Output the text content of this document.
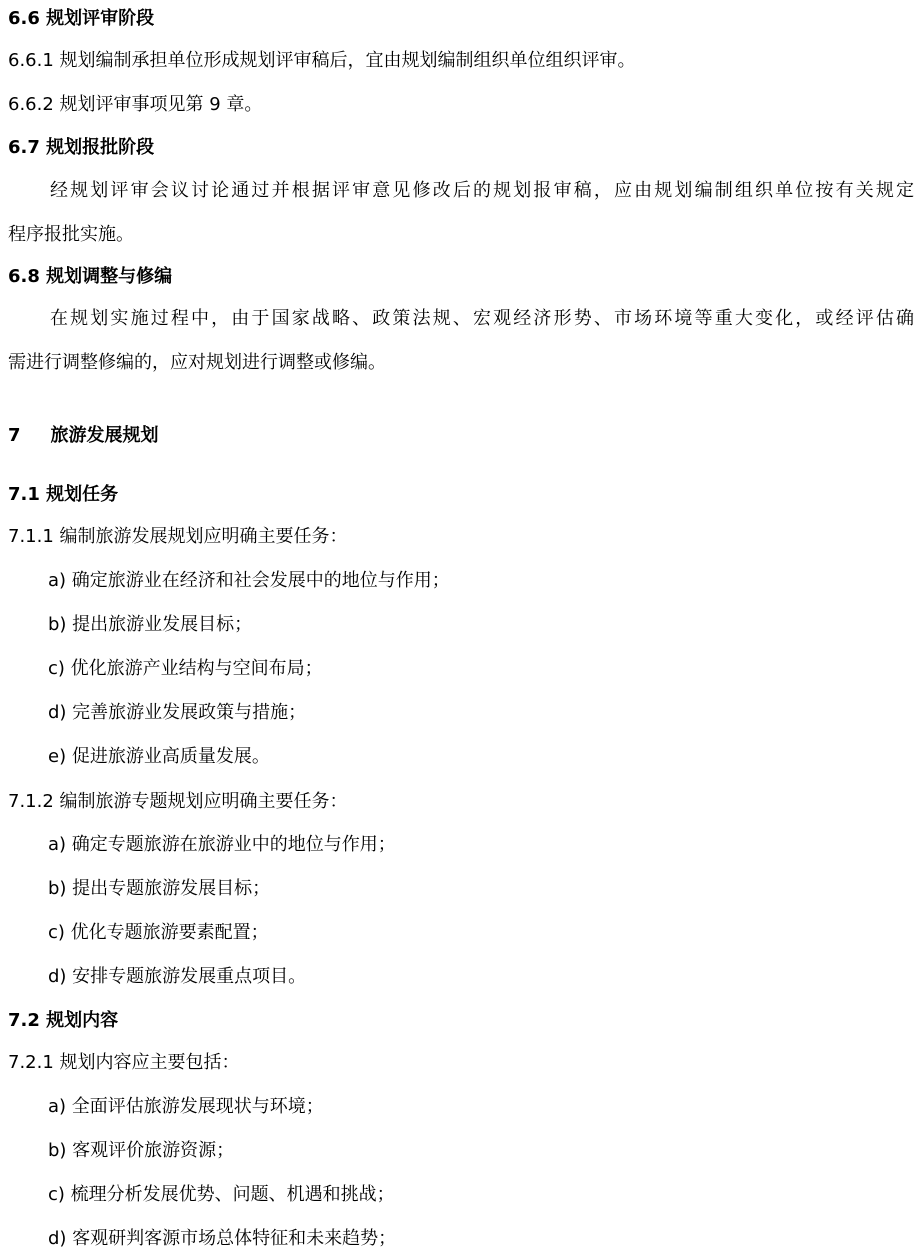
6.6 规划评审阶段
6.6.1 规划编制承担单位形成规划评审稿后，宜由规划编制组织单位组织评审。
6.6.2 规划评审事项见第 9 章。
6.7 规划报批阶段
经规划评审会议讨论通过并根据评审意见修改后的规划报审稿，应由规划编制组织单位按有关规定
程序报批实施。
6.8 规划调整与修编
在规划实施过程中，由于国家战略、政策法规、宏观经济形势、市场环境等重大变化，或经评估确
需进行调整修编的，应对规划进行调整或修编。
7 旅游发展规划
7.1 规划任务
7.1.1 编制旅游发展规划应明确主要任务：
a) 确定旅游业在经济和社会发展中的地位与作用；
b) 提出旅游业发展目标；
c) 优化旅游产业结构与空间布局；
d) 完善旅游业发展政策与措施；
e) 促进旅游业高质量发展。
7.1.2 编制旅游专题规划应明确主要任务：
a) 确定专题旅游在旅游业中的地位与作用；
b) 提出专题旅游发展目标；
c) 优化专题旅游要素配置；
d) 安排专题旅游发展重点项目。
7.2 规划内容
7.2.1 规划内容应主要包括：
a) 全面评估旅游发展现状与环境；
b) 客观评价旅游资源；
c) 梳理分析发展优势、问题、机遇和挑战；
d) 客观研判客源市场总体特征和未来趋势；
